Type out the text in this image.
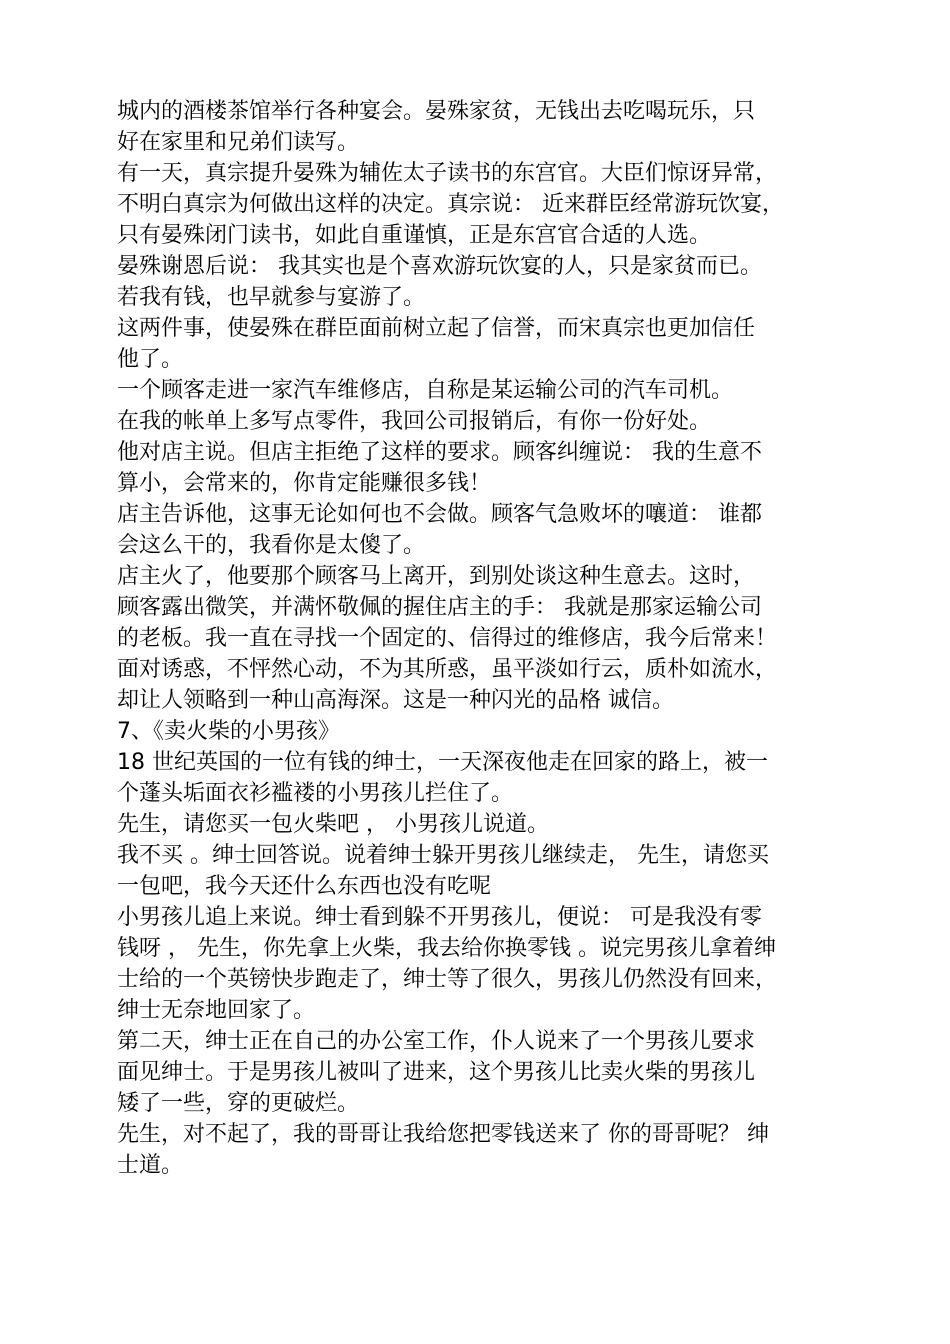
城内的酒楼茶馆举行各种宴会。晏殊家贫，无钱出去吃喝玩乐，只
好在家里和兄弟们读写。
有一天，真宗提升晏殊为辅佐太子读书的东宫官。大臣们惊讶异常，
不明白真宗为何做出这样的决定。真宗说： 近来群臣经常游玩饮宴，
只有晏殊闭门读书，如此自重谨慎，正是东宫官合适的人选。
晏殊谢恩后说： 我其实也是个喜欢游玩饮宴的人，只是家贫而已。
若我有钱，也早就参与宴游了。
这两件事，使晏殊在群臣面前树立起了信誉，而宋真宗也更加信任
他了。
一个顾客走进一家汽车维修店，自称是某运输公司的汽车司机。
在我的帐单上多写点零件，我回公司报销后，有你一份好处。
他对店主说。但店主拒绝了这样的要求。顾客纠缠说： 我的生意不
算小，会常来的，你肯定能赚很多钱！
店主告诉他，这事无论如何也不会做。顾客气急败坏的嚷道： 谁都
会这么干的，我看你是太傻了。
店主火了，他要那个顾客马上离开，到别处谈这种生意去。这时，
顾客露出微笑，并满怀敬佩的握住店主的手： 我就是那家运输公司
的老板。我一直在寻找一个固定的、信得过的维修店，我今后常来！
面对诱惑，不怦然心动，不为其所惑，虽平淡如行云，质朴如流水，
却让人领略到一种山高海深。这是一种闪光的品格 诚信。
7、《卖火柴的小男孩》
18 世纪英国的一位有钱的绅士，一天深夜他走在回家的路上，被一
个蓬头垢面衣衫褴褛的小男孩儿拦住了。
先生，请您买一包火柴吧 ， 小男孩儿说道。
我不买 。绅士回答说。说着绅士躲开男孩儿继续走， 先生，请您买
一包吧，我今天还什么东西也没有吃呢
小男孩儿追上来说。绅士看到躲不开男孩儿，便说： 可是我没有零
钱呀 ， 先生，你先拿上火柴，我去给你换零钱 。说完男孩儿拿着绅
士给的一个英镑快步跑走了，绅士等了很久，男孩儿仍然没有回来，
绅士无奈地回家了。
第二天，绅士正在自己的办公室工作，仆人说来了一个男孩儿要求
面见绅士。于是男孩儿被叫了进来，这个男孩儿比卖火柴的男孩儿
矮了一些，穿的更破烂。
先生，对不起了，我的哥哥让我给您把零钱送来了 你的哥哥呢？ 绅
士道。
